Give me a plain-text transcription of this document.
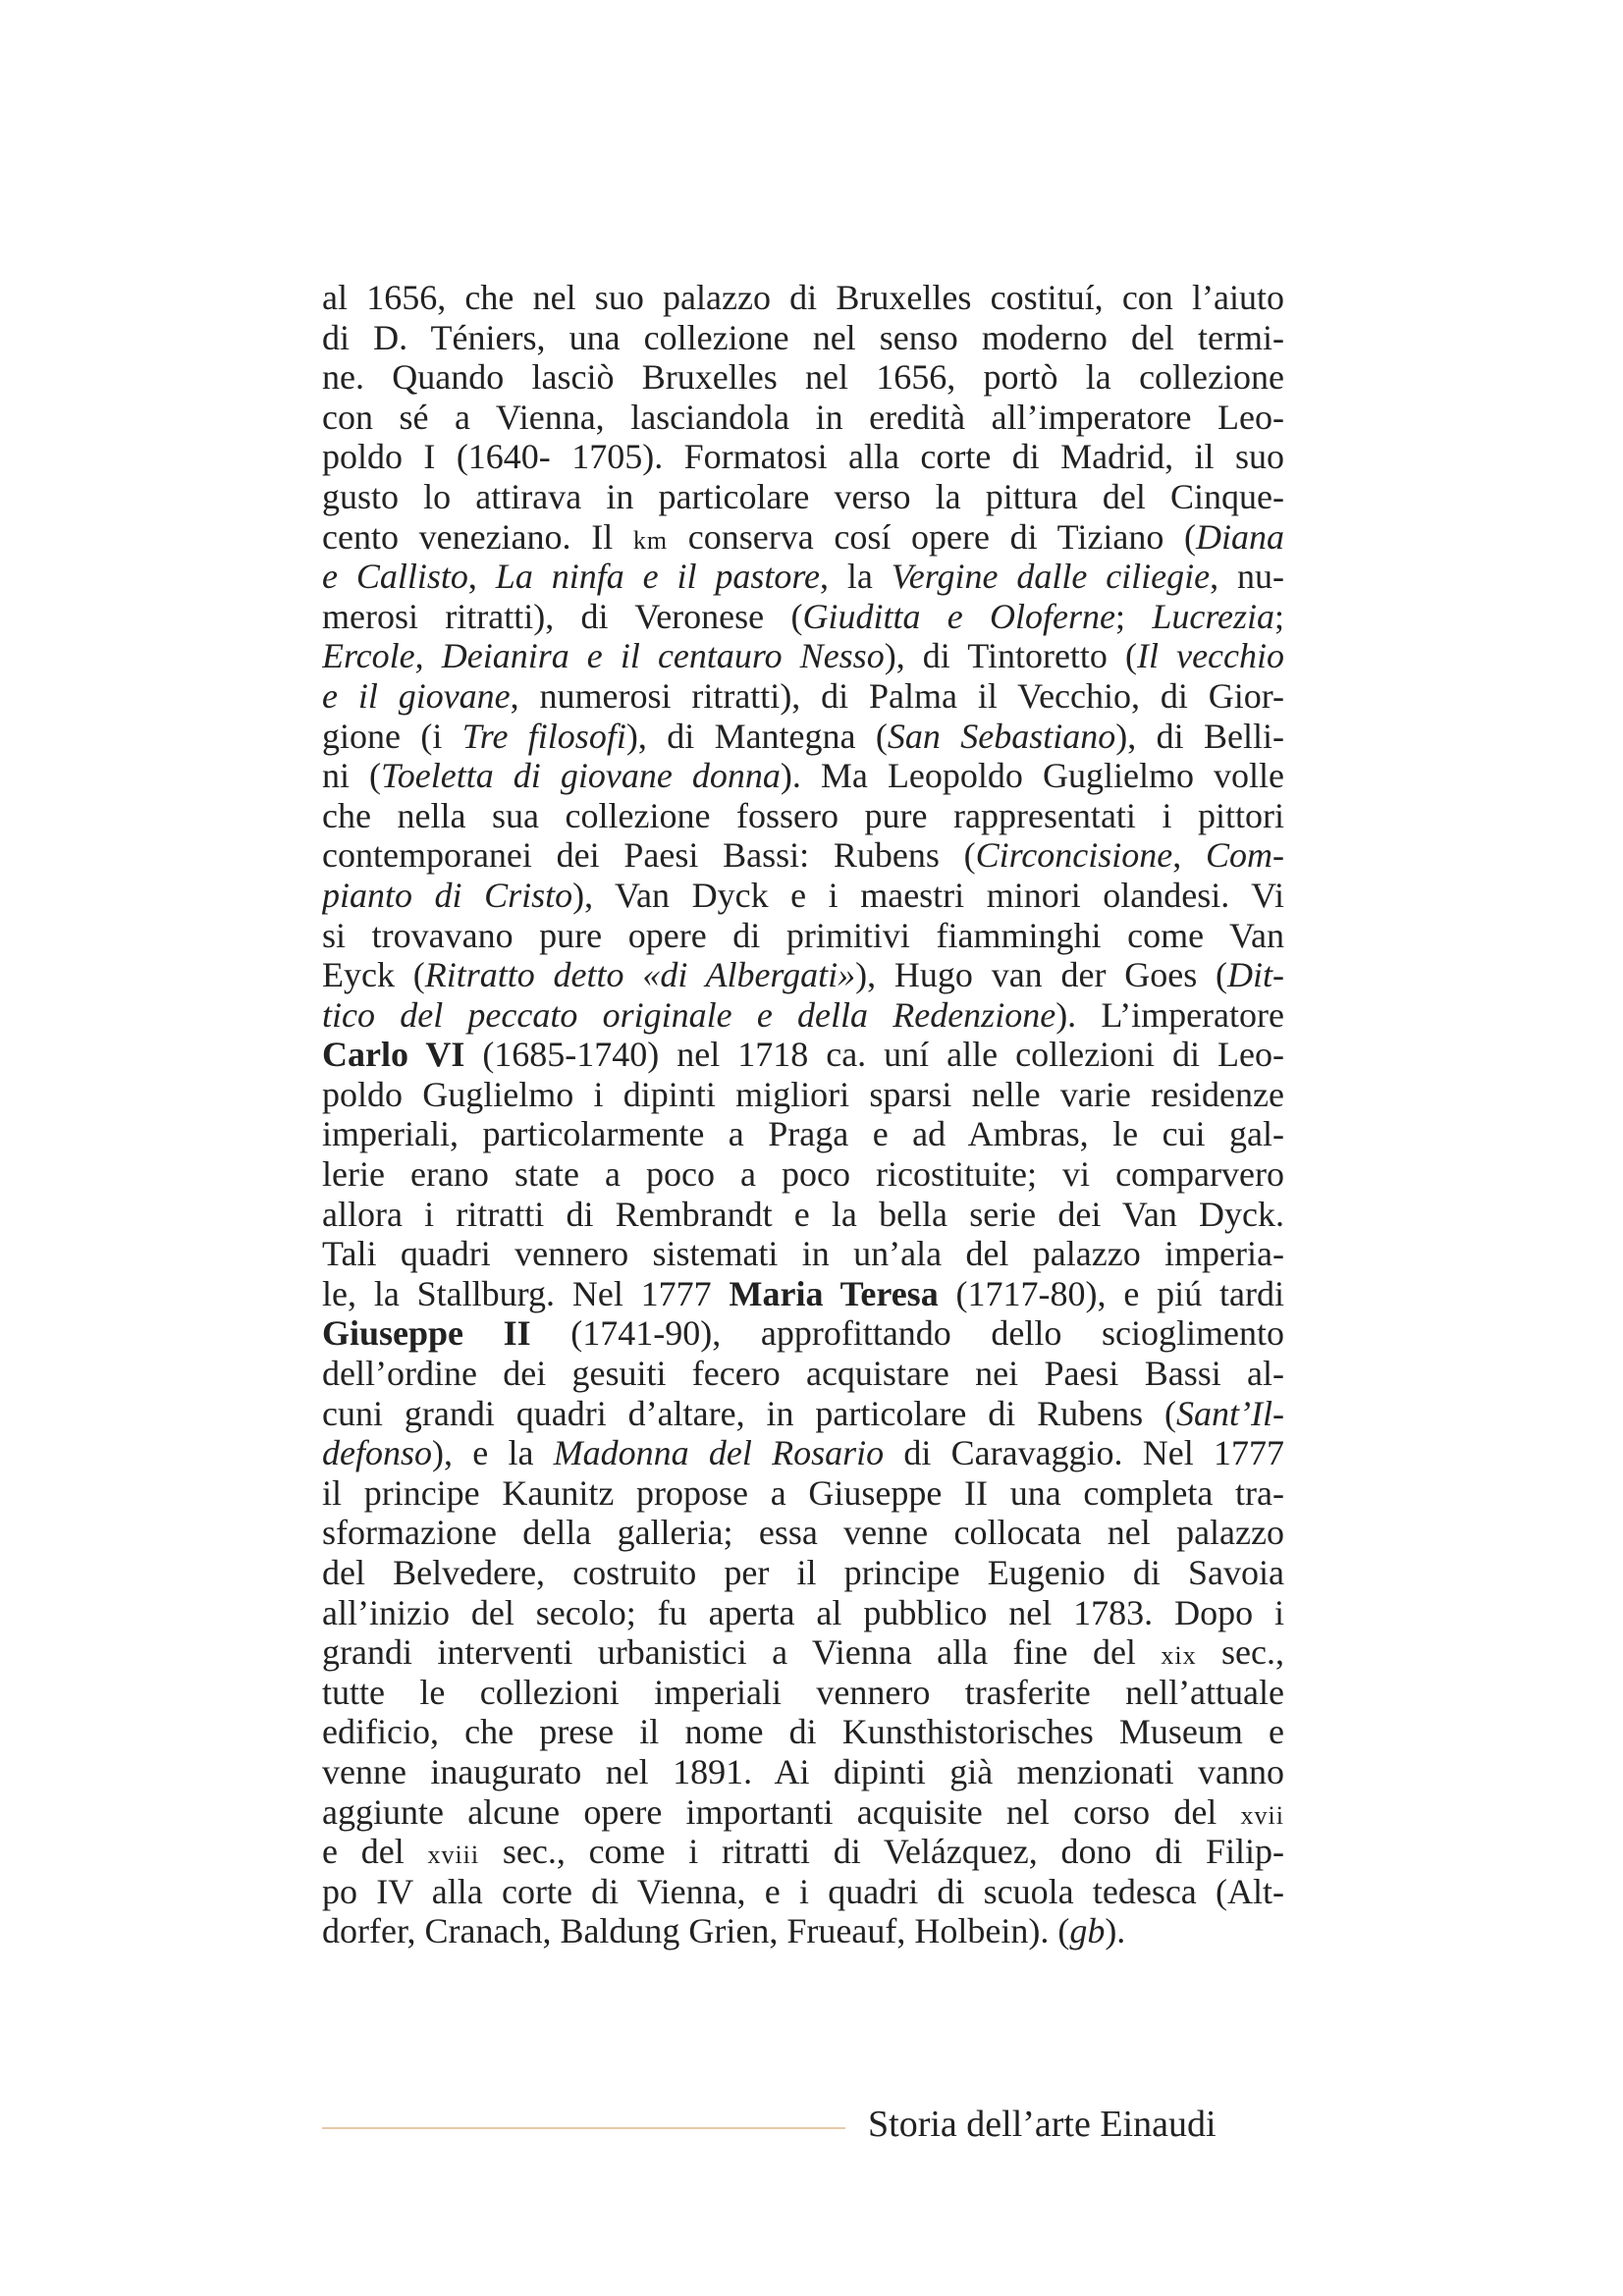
al 1656, che nel suo palazzo di Bruxelles costituí, con l’aiuto
di D. Téniers, una collezione nel senso moderno del termi-
ne. Quando lasciò Bruxelles nel 1656, portò la collezione
con sé a Vienna, lasciandola in eredità all’imperatore Leo-
poldo I (1640- 1705). Formatosi alla corte di Madrid, il suo
gusto lo attirava in particolare verso la pittura del Cinque-
cento veneziano. Il km conserva cosí opere di Tiziano (Diana
e Callisto, La ninfa e il pastore, la Vergine dalle ciliegie, nu-
merosi ritratti), di Veronese (Giuditta e Oloferne; Lucrezia;
Ercole, Deianira e il centauro Nesso), di Tintoretto (Il vecchio
e il giovane, numerosi ritratti), di Palma il Vecchio, di Gior-
gione (i Tre filosofi), di Mantegna (San Sebastiano), di Belli-
ni (Toeletta di giovane donna). Ma Leopoldo Guglielmo volle
che nella sua collezione fossero pure rappresentati i pittori
contemporanei dei Paesi Bassi: Rubens (Circoncisione, Com-
pianto di Cristo), Van Dyck e i maestri minori olandesi. Vi
si trovavano pure opere di primitivi fiamminghi come Van
Eyck (Ritratto detto «di Albergati»), Hugo van der Goes (Dit-
tico del peccato originale e della Redenzione). L’imperatore
Carlo VI (1685-1740) nel 1718 ca. uní alle collezioni di Leo-
poldo Guglielmo i dipinti migliori sparsi nelle varie residenze
imperiali, particolarmente a Praga e ad Ambras, le cui gal-
lerie erano state a poco a poco ricostituite; vi comparvero
allora i ritratti di Rembrandt e la bella serie dei Van Dyck.
Tali quadri vennero sistemati in un’ala del palazzo imperia-
le, la Stallburg. Nel 1777 Maria Teresa (1717-80), e piú tardi
Giuseppe II (1741-90), approfittando dello scioglimento
dell’ordine dei gesuiti fecero acquistare nei Paesi Bassi al-
cuni grandi quadri d’altare, in particolare di Rubens (Sant’Il-
defonso), e la Madonna del Rosario di Caravaggio. Nel 1777
il principe Kaunitz propose a Giuseppe II una completa tra-
sformazione della galleria; essa venne collocata nel palazzo
del Belvedere, costruito per il principe Eugenio di Savoia
all’inizio del secolo; fu aperta al pubblico nel 1783. Dopo i
grandi interventi urbanistici a Vienna alla fine del xix sec.,
tutte le collezioni imperiali vennero trasferite nell’attuale
edificio, che prese il nome di Kunsthistorisches Museum e
venne inaugurato nel 1891. Ai dipinti già menzionati vanno
aggiunte alcune opere importanti acquisite nel corso del xvii
e del xviii sec., come i ritratti di Velázquez, dono di Filip-
po IV alla corte di Vienna, e i quadri di scuola tedesca (Alt-
dorfer, Cranach, Baldung Grien, Frueauf, Holbein). (gb).
Storia dell’arte Einaudi
